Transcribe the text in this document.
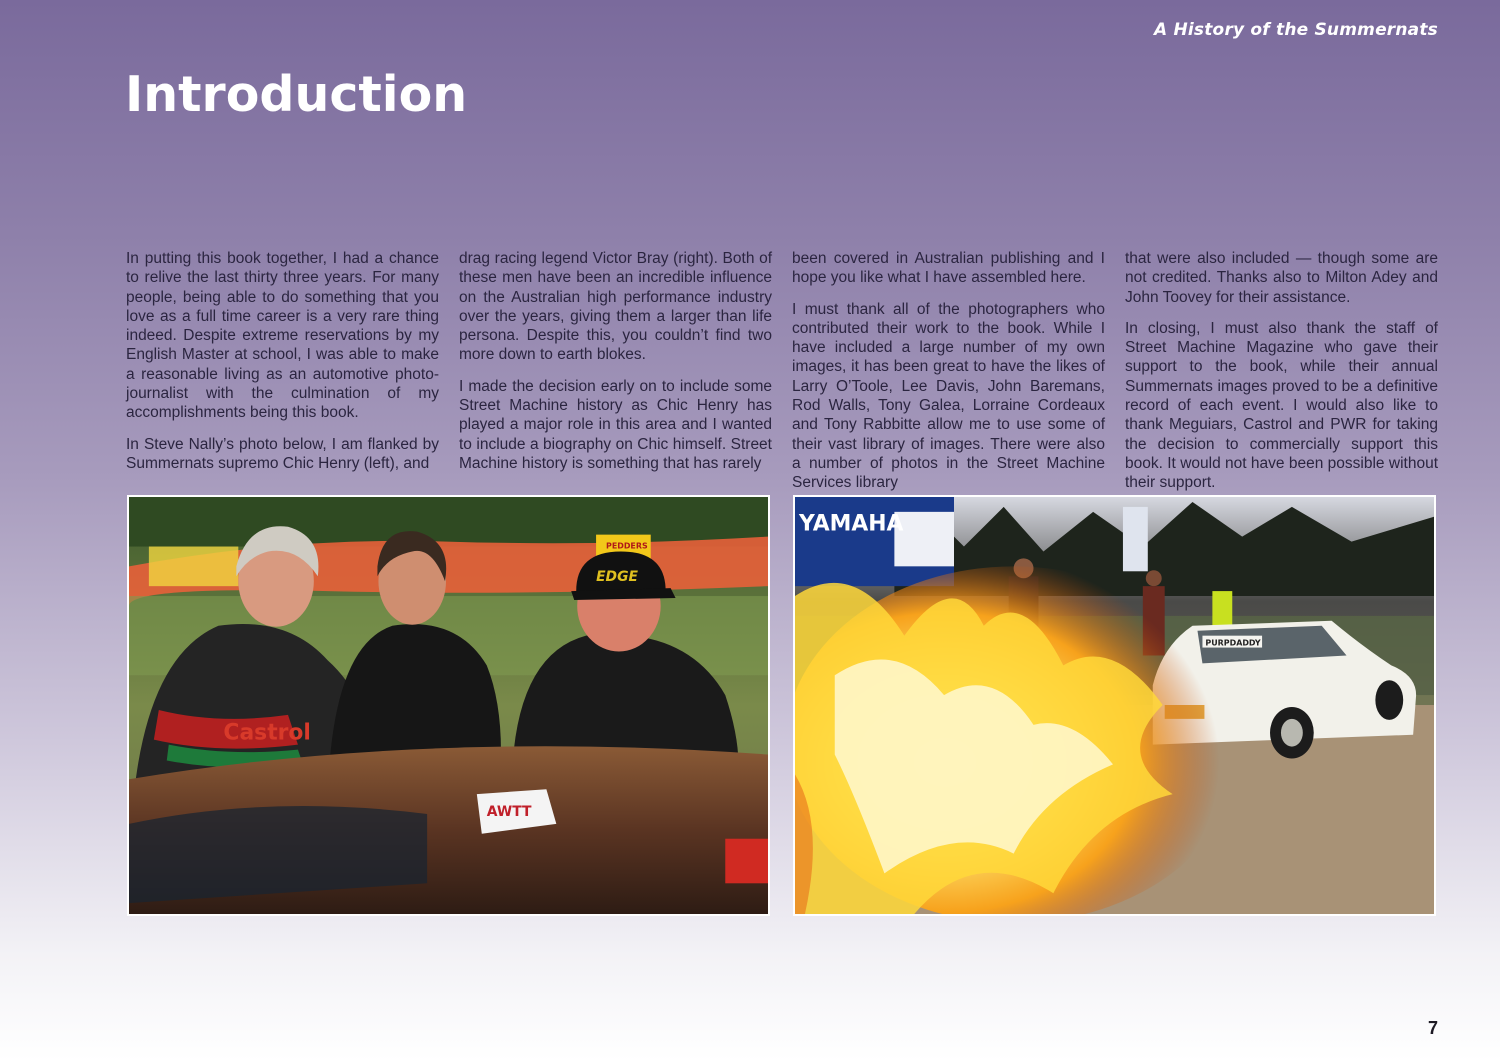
A History of the Summernats
Introduction

In putting this book together, I had a chance to relive the last thirty three years. For many people, being able to do something that you love as a full time career is a very rare thing indeed. Despite extreme reservations by my English Master at school, I was able to make a reasonable living as an automotive photo-journalist with the culmination of my accomplishments being this book.

In Steve Nally’s photo below, I am flanked by Summernats supremo Chic Henry (left), and

drag racing legend Victor Bray (right). Both of these men have been an incredible influence on the Australian high performance industry over the years, giving them a larger than life persona. Despite this, you couldn’t find two more down to earth blokes.

I made the decision early on to include some Street Machine history as Chic Henry has played a major role in this area and I wanted to include a biography on Chic himself. Street Machine history is something that has rarely

been covered in Australian publishing and I hope you like what I have assembled here.

I must thank all of the photographers who contributed their work to the book. While I have included a large number of my own images, it has been great to have the likes of Larry O’Toole, Lee Davis, John Baremans, Rod Walls, Tony Galea, Lorraine Cordeaux and Tony Rabbitte allow me to use some of their vast library of images. There were also a number of photos in the Street Machine Services library

that were also included — though some are not credited. Thanks also to Milton Adey and John Toovey for their assistance.

In closing, I must also thank the staff of Street Machine Magazine who gave their support to the book, while their annual Summernats images proved to be a definitive record of each event. I would also like to thank Meguiars, Castrol and PWR for taking the decision to commercially support this book. It would not have been possible without their support.

PEDDERS
Castrol
EDGE
AWTT
YAMAHA
PURPDADDY
7
